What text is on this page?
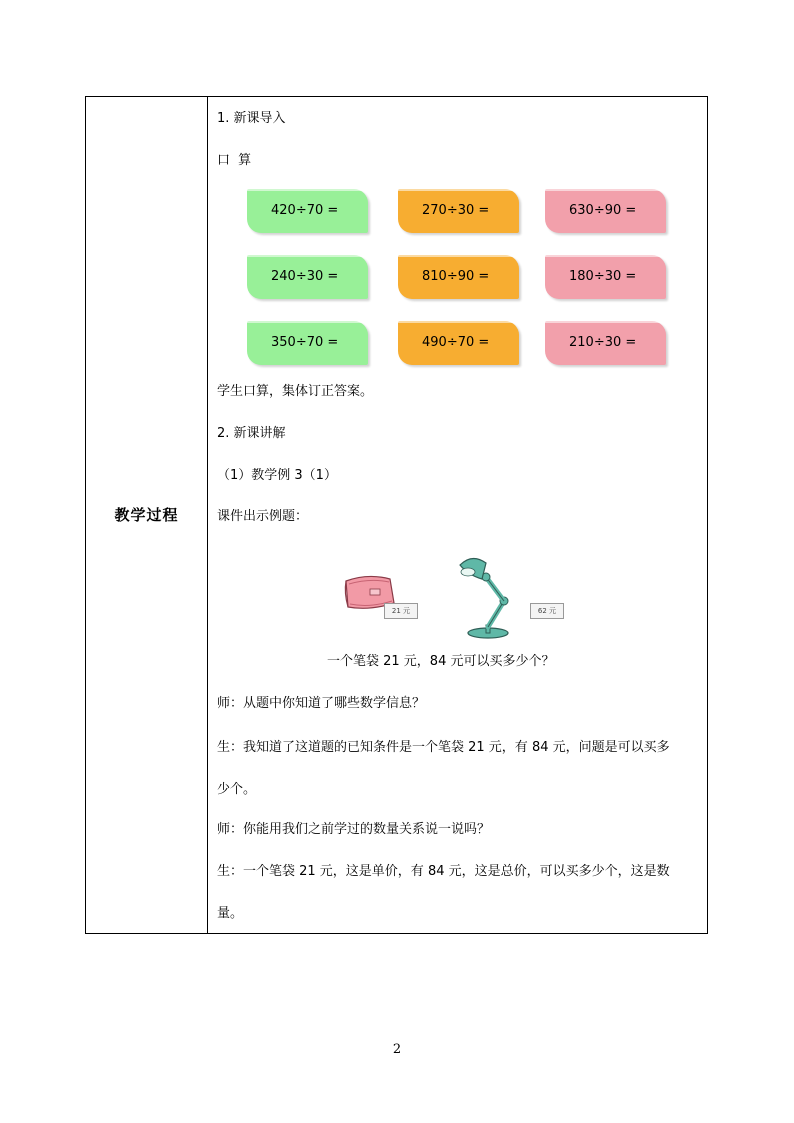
教学过程
1. 新课导入
口 算
420÷70 =	270÷30 =	630÷90 =
240÷30 =	810÷90 =	180÷30 =
350÷70 =	490÷70 =	210÷30 =
学生口算，集体订正答案。
2. 新课讲解
（1）教学例 3（1）
课件出示例题：
21 元	62 元
一个笔袋 21 元，84 元可以买多少个？
师：从题中你知道了哪些数学信息？
生：我知道了这道题的已知条件是一个笔袋 21 元，有 84 元，问题是可以买多
少个。
师：你能用我们之前学过的数量关系说一说吗？
生：一个笔袋 21 元，这是单价，有 84 元，这是总价，可以买多少个，这是数
量。
2
